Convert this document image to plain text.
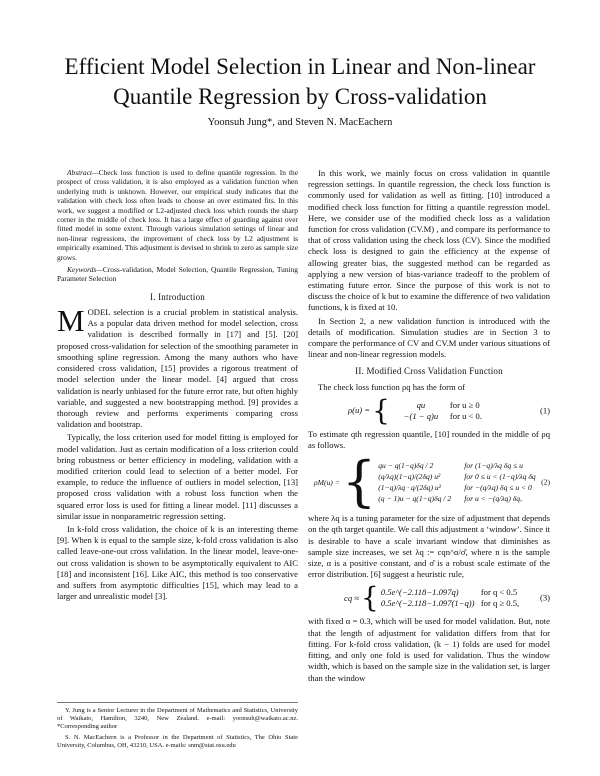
Efficient Model Selection in Linear and Non-linear Quantile Regression by Cross-validation
Yoonsuh Jung*, and Steven N. MacEachern

Abstract—Check loss function is used to define quantile regression. In the prospect of cross validation, it is also employed as a validation function when underlying truth is unknown. However, our empirical study indicates that the validation with check loss often leads to choose an over estimated fits. In this work, we suggest a modified or L2-adjusted check loss which rounds the sharp corner in the middle of check loss. It has a large effect of guarding against over fitted model in some extent. Through various simulation settings of linear and non-linear regressions, the improvement of check loss by L2 adjustment is empirically examined. This adjustment is devised to shrink to zero as sample size grows.

Keywords—Cross-validation, Model Selection, Quantile Regression, Tuning Parameter Selection

I. Introduction

MODEL selection is a crucial problem in statistical analysis. As a popular data driven method for model selection, cross validation is described formally in [17] and [5]. [20] proposed cross-validation for selection of the smoothing parameter in smoothing spline regression. Among the many authors who have considered cross validation, [15] provides a rigorous treatment of model selection under the linear model. [4] argued that cross validation is nearly unbiased for the future error rate, but often highly variable, and suggested a new bootstrapping method. [9] provides a thorough review and performs experiments comparing cross validation and bootstrap.

Typically, the loss criterion used for model fitting is employed for model validation. Just as certain modification of a loss criterion could bring robustness or better efficiency in modeling, validation with a modified criterion could lead to selection of a better model. For example, to reduce the influence of outliers in model selection, [13] proposed cross validation with a robust loss function when the squared error loss is used for fitting a linear model. [11] discusses a similar issue in nonparametric regression setting.

In k-fold cross validation, the choice of k is an interesting theme [9]. When k is equal to the sample size, k-fold cross validation is also called leave-one-out cross validation. In the linear model, leave-one-out cross validation is shown to be asymptotically equivalent to AIC [18] and inconsistent [16]. Like AIC, this method is too conservative and suffers from asymptotic difficulties [15], which may lead to a larger and unrealistic model [3].

Y. Jung is a Senior Lecturer in the Department of Mathematics and Statistics, University of Waikato, Hamilton, 3240, New Zealand. e-mail: yoonsuh@waikato.ac.nz. *Corresponding author

S. N. MacEachern is a Professor in the Department of Statistics, The Ohio State University, Columbus, OH, 43210, USA. e-mails: snm@stat.osu.edu

In this work, we mainly focus on cross validation in quantile regression settings. In quantile regression, the check loss function is commonly used for validation as well as fitting. [10] introduced a modified check loss function for fitting a quantile regression model. Here, we consider use of the modified check loss as a validation function for cross validation (CV.M) , and compare its performance to that of cross validation using the check loss (CV). Since the modified check loss is designed to gain the efficiency at the expense of allowing greater bias, the suggested method can be regarded as applying a new version of bias-variance tradeoff to the problem of estimating future error. Since the purpose of this work is not to discuss the choice of k but to examine the difference of two validation functions, k is fixed at 10.

In Section 2, a new validation function is introduced with the details of modification. Simulation studies are in Section 3 to compare the performance of CV and CV.M under various situations of linear and non-linear regression models.

II. Modified Cross Validation Function

The check loss function ρq has the form of

ρ(u) = {	qu	for u ≥ 0
−(1 − q)u for u < 0.
(1)

To estimate qth regression quantile, [10] rounded in the middle of ρq as follows.

ρM(u) = { qu − q(1−q)δq / 2	for (1−q)/λq δq ≤ u
(q/λq)(1−q)/(2δq) u²	for 0 ≤ u < (1−q)/λq δq
(1−q)/λq · q/(2δq) u²	for −(q/λq) δq ≤ u < 0
(q − 1)u − q(1−q)δq / 2 for u < −(q/λq) δq,
(2)

where λq is a tuning parameter for the size of adjustment that depends on the qth target quantile. We call this adjustment a ‘window’. Since it is desirable to have a scale invariant window that diminishes as sample size increases, we set λq := cqn^α/σ̂, where n is the sample size, α is a positive constant, and σ̂ is a robust scale estimate of the error distribution. [6] suggest a heuristic rule,

cq ≈ { 0.5e^(−2.118−1.097q)	for q < 0.5
0.5e^(−2.118−1.097(1−q)) for q ≥ 0.5,
(3)

with fixed α = 0.3, which will be used for model validation. But, note that the length of adjustment for validation differs from that for fitting. For k-fold cross validation, (k − 1) folds are used for model fitting, and only one fold is used for validation. Thus the window width, which is based on the sample size in the validation set, is larger than the window
